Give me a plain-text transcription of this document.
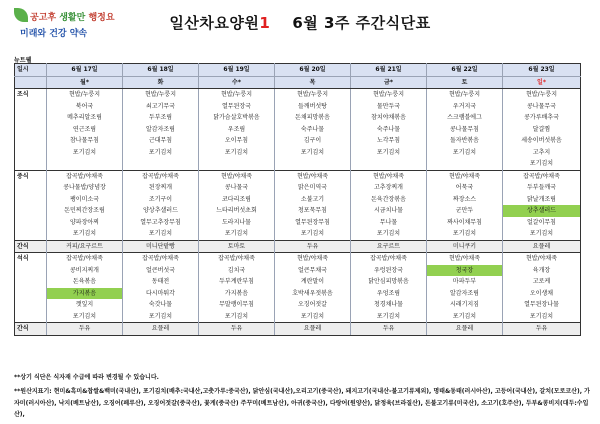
공고후 생활만 행정요
미래와 건강 약속
일산차요양원1 6월 3주 주간식단표
뉴트웰
일시	6월 17일	6월 18일	6월 19일	6월 20일	6월 21일	6월 22일	6월 23일
	월*	화	수*	목	금*	토	일*
조식	현밥/누룽지	현밥/누룽지	현밥/누룽지	현밥/누룽지	현밥/누룽지	현밥/누룽지	현밥/누룽지
	북어국	쇠고기무국	열무된장국	들깨버섯탕	물만두국	우거지국	콩나물무국
	메추리알조림	두부조림	닭가슴살호박볶음	돈채피망볶음	참치야채볶음	스크램블에그	콩가루배추국
	연근조림	알감자조림	우조림	숙주나물	숙주나물	콩나물무침	달걀찜
	참나물무침	근대무침	오이무침	김구이	노각무침	돌자반볶음	세송이버섯볶음
	포기김치	포기김치	포기김치	포기김치	포기김치	포기김치	고추지
							포기김치
중식	잡곡밥/야채죽	잡곡밥/야채죽	현밥/야채죽	현밥/야채죽	현밥/야채죽	현밥/야채죽	잡곡밥/야채죽
	콩나물밥/양념장	된장찌개	콩나물국	맑은미역국	고추장찌개	어묵국	두부들깨국
	팽이미소국	조기구이	코다리조림	소불고기	돈육간장볶음	짜장소스	닭날개조림
	돈민찌간장조림	양상추샐러드	느타리버섯초회	청포묵무침	시금치나물	군만두	상추샐러드
	양파장아찌	열무고추장무침	도라지나물	열무된장무침	무나물	짜사이채무침	얼갈이무침
	포기김치	포기김치	포기김치	포기김치	포기김치	포기김치	포기김치
간식	커피/요구르트	미니단팥빵	토마토	두유	요구르트	미니쿠키	요플레
석식	잡곡밥/야채죽	잡곡밥/야채죽	잡곡밥/야채죽	현밥/야채죽	잡곡밥/야채죽	현밥/야채죽	현밥/야채죽
	콩비지찌개	얼큰버섯국	김치국	얼큰무채국	우렁된장국	청국장	육개장
	돈육볶음	동태전	두부계란부침	계란말이	닭안심피망볶음	마파두부	고로케
	가지볶음	다시마튀각	가지볶음	호박새우젓볶음	우엉조림	알감자조림	오이생채
	깻잎지	숙갓나물	무말랭이무침	오징어젓갈	청경채나물	시래기지짐	열무된장나물
	포기김치	포기김치	포기김치	포기김치	포기김치	포기김치	포기김치
간식	두유	요플레	두유	요플레	두유	요플레	두유
**상기 식단은 식자재 수급에 따라 변경될 수 있습니다.
**원산지표기: 현미&흑미&찹쌀&백미(국내산), 포기김치(배추:국내산,고춧가루:중국산), 닭안심(국내산),오리고기(중국산), 돼지고기(국내산-불고기류제외), 명태&동태(러시아산), 고등어(국내산), 갈치(모로코산), 가자미(러시아산), 낙지(베트남산), 오징어(페루산), 오징어젓갈(중국산), 꽃게(중국산) 주꾸미(베트남산), 아귀(중국산), 다랑어(원양산), 닭정육(브라질산), 돈불고기류(미국산), 소고기(호주산), 두부&콩비지(대두:수입산),
